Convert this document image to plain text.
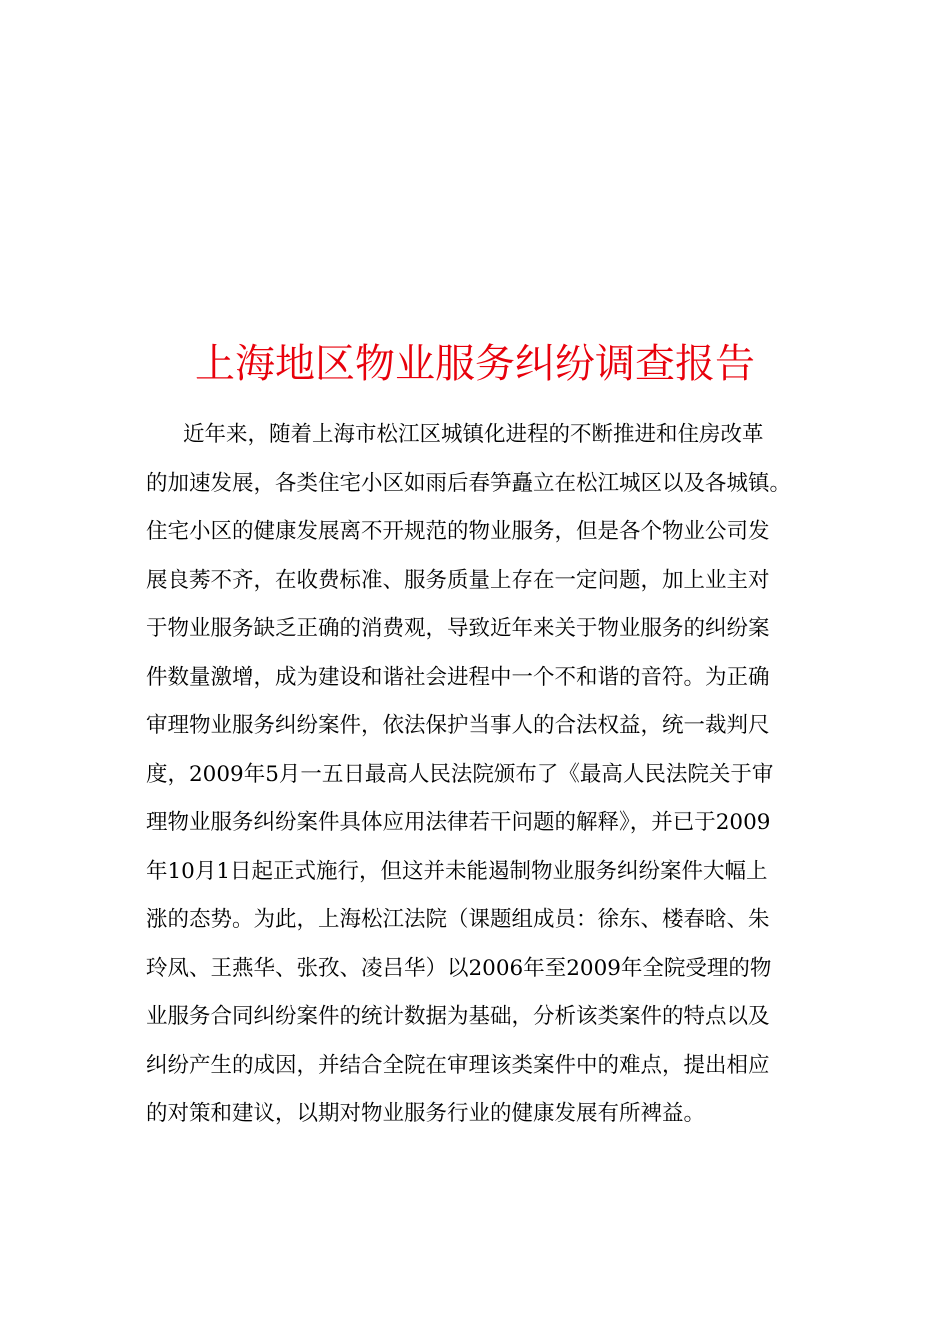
上海地区物业服务纠纷调查报告
近年来，随着上海市松江区城镇化进程的不断推进和住房改革
的加速发展，各类住宅小区如雨后春笋矗立在松江城区以及各城镇。
住宅小区的健康发展离不开规范的物业服务，但是各个物业公司发
展良莠不齐，在收费标准、服务质量上存在一定问题，加上业主对
于物业服务缺乏正确的消费观，导致近年来关于物业服务的纠纷案
件数量激增，成为建设和谐社会进程中一个不和谐的音符。为正确
审理物业服务纠纷案件，依法保护当事人的合法权益，统一裁判尺
度，2009年5月一五日最高人民法院颁布了《最高人民法院关于审
理物业服务纠纷案件具体应用法律若干问题的解释》，并已于2009
年10月1日起正式施行，但这并未能遏制物业服务纠纷案件大幅上
涨的态势。为此，上海松江法院（课题组成员：徐东、楼春晗、朱
玲凤、王燕华、张孜、凌吕华）以2006年至2009年全院受理的物
业服务合同纠纷案件的统计数据为基础，分析该类案件的特点以及
纠纷产生的成因，并结合全院在审理该类案件中的难点，提出相应
的对策和建议，以期对物业服务行业的健康发展有所裨益。
